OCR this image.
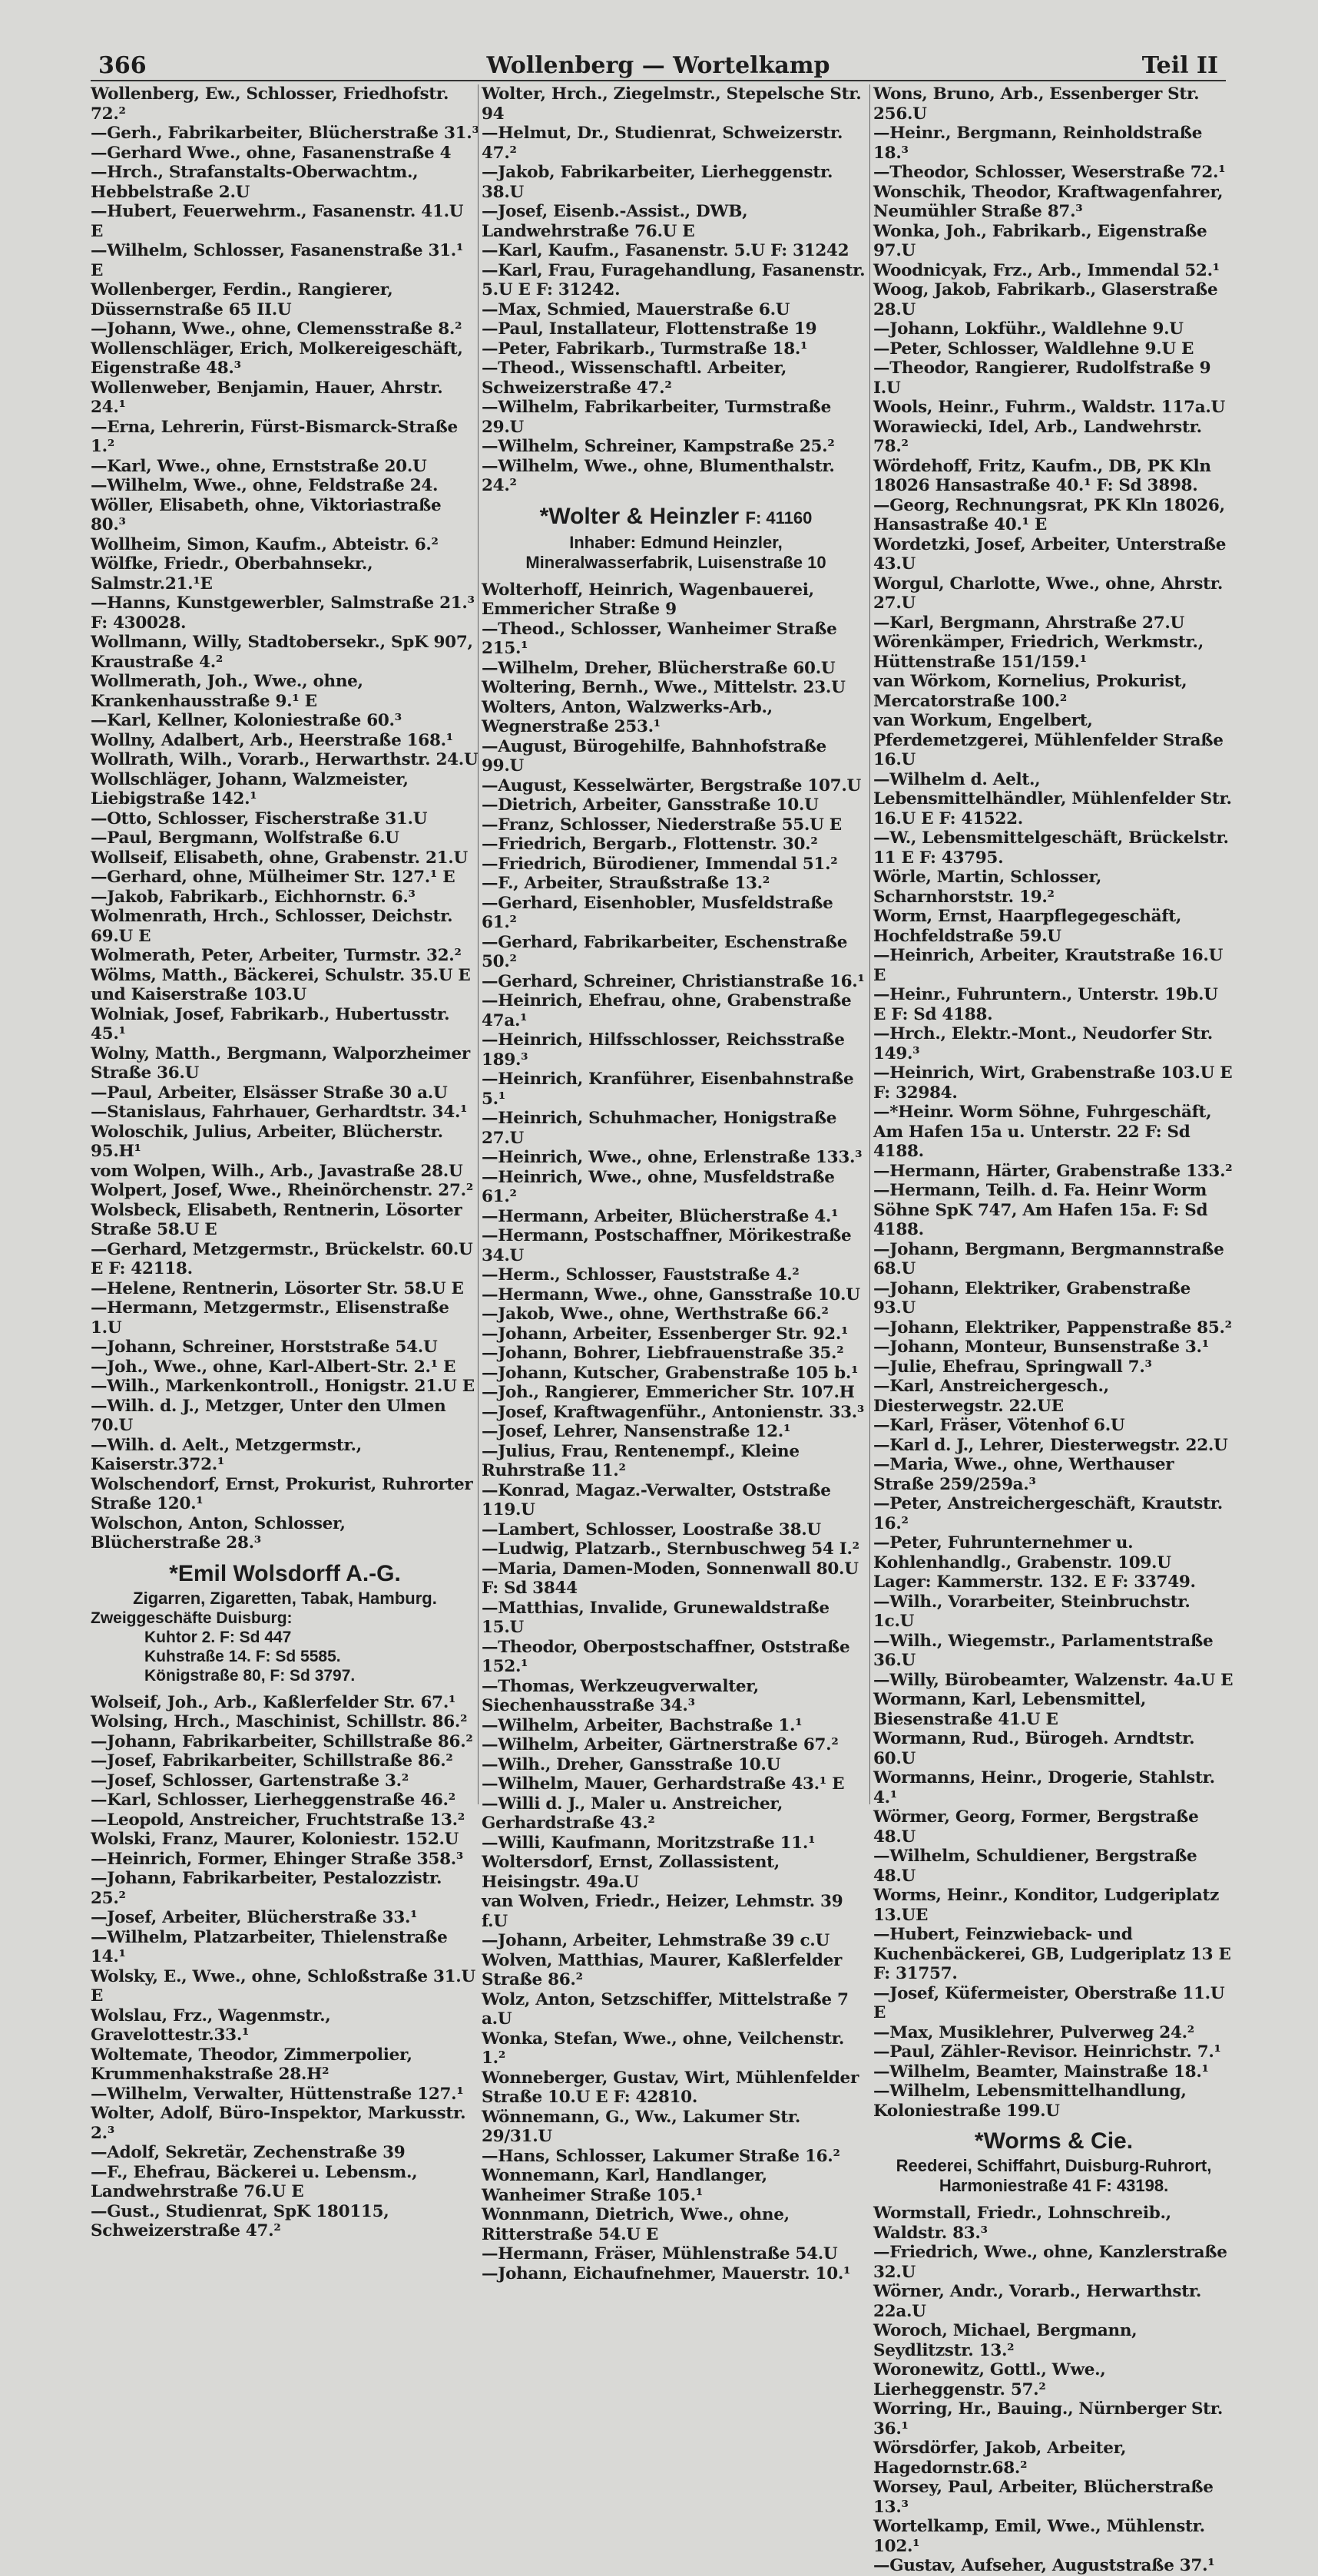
366	Wollenberg — Wortelkamp	Teil II

Wollenberg, Ew., Schlosser, Friedhofstr. 72.²

—Gerh., Fabrikarbeiter, Blücherstraße 31.³

—Gerhard Wwe., ohne, Fasanenstraße 4

—Hrch., Strafanstalts-Oberwachtm., Hebbelstraße 2.U

—Hubert, Feuerwehrm., Fasanenstr. 41.U E

—Wilhelm, Schlosser, Fasanenstraße 31.¹ E

Wollenberger, Ferdin., Rangierer, Düssernstraße 65 II.U

—Johann, Wwe., ohne, Clemensstraße 8.²

Wollenschläger, Erich, Molkereigeschäft, Eigenstraße 48.³

Wollenweber, Benjamin, Hauer, Ahrstr. 24.¹

—Erna, Lehrerin, Fürst-Bismarck-Straße 1.²

—Karl, Wwe., ohne, Ernststraße 20.U

—Wilhelm, Wwe., ohne, Feldstraße 24.

Wöller, Elisabeth, ohne, Viktoriastraße 80.³

Wollheim, Simon, Kaufm., Abteistr. 6.²

Wölfke, Friedr., Oberbahnsekr., Salmstr.21.¹E

—Hanns, Kunstgewerbler, Salmstraße 21.³ F: 430028.

Wollmann, Willy, Stadtobersekr., SpK 907, Kraustraße 4.²

Wollmerath, Joh., Wwe., ohne, Krankenhausstraße 9.¹ E

—Karl, Kellner, Koloniestraße 60.³

Wollny, Adalbert, Arb., Heerstraße 168.¹

Wollrath, Wilh., Vorarb., Herwarthstr. 24.U

Wollschläger, Johann, Walzmeister, Liebigstraße 142.¹

—Otto, Schlosser, Fischerstraße 31.U

—Paul, Bergmann, Wolfstraße 6.U

Wollseif, Elisabeth, ohne, Grabenstr. 21.U

—Gerhard, ohne, Mülheimer Str. 127.¹ E

—Jakob, Fabrikarb., Eichhornstr. 6.³

Wolmenrath, Hrch., Schlosser, Deichstr. 69.U E

Wolmerath, Peter, Arbeiter, Turmstr. 32.²

Wölms, Matth., Bäckerei, Schulstr. 35.U E und Kaiserstraße 103.U

Wolniak, Josef, Fabrikarb., Hubertusstr. 45.¹

Wolny, Matth., Bergmann, Walporzheimer Straße 36.U

—Paul, Arbeiter, Elsässer Straße 30 a.U

—Stanislaus, Fahrhauer, Gerhardtstr. 34.¹

Woloschik, Julius, Arbeiter, Blücherstr. 95.H¹

vom Wolpen, Wilh., Arb., Javastraße 28.U

Wolpert, Josef, Wwe., Rheinörchenstr. 27.²

Wolsbeck, Elisabeth, Rentnerin, Lösorter Straße 58.U E

—Gerhard, Metzgermstr., Brückelstr. 60.U E F: 42118.

—Helene, Rentnerin, Lösorter Str. 58.U E

—Hermann, Metzgermstr., Elisenstraße 1.U

—Johann, Schreiner, Horststraße 54.U

—Joh., Wwe., ohne, Karl-Albert-Str. 2.¹ E

—Wilh., Markenkontroll., Honigstr. 21.U E

—Wilh. d. J., Metzger, Unter den Ulmen 70.U

—Wilh. d. Aelt., Metzgermstr., Kaiserstr.372.¹

Wolschendorf, Ernst, Prokurist, Ruhrorter Straße 120.¹

Wolschon, Anton, Schlosser, Blücherstraße 28.³

*Emil Wolsdorff A.-G.
Zigarren, Zigaretten, Tabak, Hamburg.
Zweiggeschäfte Duisburg:
Kuhtor 2. F: Sd 447
Kuhstraße 14. F: Sd 5585.
Königstraße 80, F: Sd 3797.

Wolseif, Joh., Arb., Kaßlerfelder Str. 67.¹

Wolsing, Hrch., Maschinist, Schillstr. 86.²

—Johann, Fabrikarbeiter, Schillstraße 86.²

—Josef, Fabrikarbeiter, Schillstraße 86.²

—Josef, Schlosser, Gartenstraße 3.²

—Karl, Schlosser, Lierheggenstraße 46.²

—Leopold, Anstreicher, Fruchtstraße 13.²

Wolski, Franz, Maurer, Koloniestr. 152.U

—Heinrich, Former, Ehinger Straße 358.³

—Johann, Fabrikarbeiter, Pestalozzistr. 25.²

—Josef, Arbeiter, Blücherstraße 33.¹

—Wilhelm, Platzarbeiter, Thielenstraße 14.¹

Wolsky, E., Wwe., ohne, Schloßstraße 31.U E

Wolslau, Frz., Wagenmstr., Gravelottestr.33.¹

Woltemate, Theodor, Zimmerpolier, Krummenhakstraße 28.H²

—Wilhelm, Verwalter, Hüttenstraße 127.¹

Wolter, Adolf, Büro-Inspektor, Markusstr. 2.³

—Adolf, Sekretär, Zechenstraße 39

—F., Ehefrau, Bäckerei u. Lebensm., Landwehrstraße 76.U E

—Gust., Studienrat, SpK 180115, Schweizerstraße 47.²

Wolter, Hrch., Ziegelmstr., Stepelsche Str. 94

—Helmut, Dr., Studienrat, Schweizerstr. 47.²

—Jakob, Fabrikarbeiter, Lierheggenstr. 38.U

—Josef, Eisenb.-Assist., DWB, Landwehrstraße 76.U E

—Karl, Kaufm., Fasanenstr. 5.U F: 31242

—Karl, Frau, Furagehandlung, Fasanenstr. 5.U E F: 31242.

—Max, Schmied, Mauerstraße 6.U

—Paul, Installateur, Flottenstraße 19

—Peter, Fabrikarb., Turmstraße 18.¹

—Theod., Wissenschaftl. Arbeiter, Schweizerstraße 47.²

—Wilhelm, Fabrikarbeiter, Turmstraße 29.U

—Wilhelm, Schreiner, Kampstraße 25.²

—Wilhelm, Wwe., ohne, Blumenthalstr. 24.²

*Wolter & Heinzler F: 41160
Inhaber: Edmund Heinzler,
Mineralwasserfabrik, Luisenstraße 10

Wolterhoff, Heinrich, Wagenbauerei, Emmericher Straße 9

—Theod., Schlosser, Wanheimer Straße 215.¹

—Wilhelm, Dreher, Blücherstraße 60.U

Woltering, Bernh., Wwe., Mittelstr. 23.U

Wolters, Anton, Walzwerks-Arb., Wegnerstraße 253.¹

—August, Bürogehilfe, Bahnhofstraße 99.U

—August, Kesselwärter, Bergstraße 107.U

—Dietrich, Arbeiter, Gansstraße 10.U

—Franz, Schlosser, Niederstraße 55.U E

—Friedrich, Bergarb., Flottenstr. 30.²

—Friedrich, Bürodiener, Immendal 51.²

—F., Arbeiter, Straußstraße 13.²

—Gerhard, Eisenhobler, Musfeldstraße 61.²

—Gerhard, Fabrikarbeiter, Eschenstraße 50.²

—Gerhard, Schreiner, Christianstraße 16.¹

—Heinrich, Ehefrau, ohne, Grabenstraße 47a.¹

—Heinrich, Hilfsschlosser, Reichsstraße 189.³

—Heinrich, Kranführer, Eisenbahnstraße 5.¹

—Heinrich, Schuhmacher, Honigstraße 27.U

—Heinrich, Wwe., ohne, Erlenstraße 133.³

—Heinrich, Wwe., ohne, Musfeldstraße 61.²

—Hermann, Arbeiter, Blücherstraße 4.¹

—Hermann, Postschaffner, Mörikestraße 34.U

—Herm., Schlosser, Fauststraße 4.²

—Hermann, Wwe., ohne, Gansstraße 10.U

—Jakob, Wwe., ohne, Werthstraße 66.²

—Johann, Arbeiter, Essenberger Str. 92.¹

—Johann, Bohrer, Liebfrauenstraße 35.²

—Johann, Kutscher, Grabenstraße 105 b.¹

—Joh., Rangierer, Emmericher Str. 107.H

—Josef, Kraftwagenführ., Antonienstr. 33.³

—Josef, Lehrer, Nansenstraße 12.¹

—Julius, Frau, Rentenempf., Kleine Ruhrstraße 11.²

—Konrad, Magaz.-Verwalter, Oststraße 119.U

—Lambert, Schlosser, Loostraße 38.U

—Ludwig, Platzarb., Sternbuschweg 54 I.²

—Maria, Damen-Moden, Sonnenwall 80.U F: Sd 3844

—Matthias, Invalide, Grunewaldstraße 15.U

—Theodor, Oberpostschaffner, Oststraße 152.¹

—Thomas, Werkzeugverwalter, Siechenhausstraße 34.³

—Wilhelm, Arbeiter, Bachstraße 1.¹

—Wilhelm, Arbeiter, Gärtnerstraße 67.²

—Wilh., Dreher, Gansstraße 10.U

—Wilhelm, Mauer, Gerhardstraße 43.¹ E

—Willi d. J., Maler u. Anstreicher, Gerhardstraße 43.²

—Willi, Kaufmann, Moritzstraße 11.¹

Woltersdorf, Ernst, Zollassistent, Heisingstr. 49a.U

van Wolven, Friedr., Heizer, Lehmstr. 39 f.U

—Johann, Arbeiter, Lehmstraße 39 c.U

Wolven, Matthias, Maurer, Kaßlerfelder Straße 86.²

Wolz, Anton, Setzschiffer, Mittelstraße 7 a.U

Wonka, Stefan, Wwe., ohne, Veilchenstr. 1.²

Wonneberger, Gustav, Wirt, Mühlenfelder Straße 10.U E F: 42810.

Wönnemann, G., Ww., Lakumer Str. 29/31.U

—Hans, Schlosser, Lakumer Straße 16.²

Wonnemann, Karl, Handlanger, Wanheimer Straße 105.¹

Wonnmann, Dietrich, Wwe., ohne, Ritterstraße 54.U E

—Hermann, Fräser, Mühlenstraße 54.U

—Johann, Eichaufnehmer, Mauerstr. 10.¹

Wons, Bruno, Arb., Essenberger Str. 256.U

—Heinr., Bergmann, Reinholdstraße 18.³

—Theodor, Schlosser, Weserstraße 72.¹

Wonschik, Theodor, Kraftwagenfahrer, Neumühler Straße 87.³

Wonka, Joh., Fabrikarb., Eigenstraße 97.U

Woodnicyak, Frz., Arb., Immendal 52.¹

Woog, Jakob, Fabrikarb., Glaserstraße 28.U

—Johann, Lokführ., Waldlehne 9.U

—Peter, Schlosser, Waldlehne 9.U E

—Theodor, Rangierer, Rudolfstraße 9 I.U

Wools, Heinr., Fuhrm., Waldstr. 117a.U

Worawiecki, Idel, Arb., Landwehrstr. 78.²

Wördehoff, Fritz, Kaufm., DB, PK Kln 18026 Hansastraße 40.¹ F: Sd 3898.

—Georg, Rechnungsrat, PK Kln 18026, Hansastraße 40.¹ E

Wordetzki, Josef, Arbeiter, Unterstraße 43.U

Worgul, Charlotte, Wwe., ohne, Ahrstr. 27.U

—Karl, Bergmann, Ahrstraße 27.U

Wörenkämper, Friedrich, Werkmstr., Hüttenstraße 151/159.¹

van Wörkom, Kornelius, Prokurist, Mercatorstraße 100.²

van Workum, Engelbert, Pferdemetzgerei, Mühlenfelder Straße 16.U

—Wilhelm d. Aelt., Lebensmittelhändler, Mühlenfelder Str. 16.U E F: 41522.

—W., Lebensmittelgeschäft, Brückelstr. 11 E F: 43795.

Wörle, Martin, Schlosser, Scharnhorststr. 19.²

Worm, Ernst, Haarpflegegeschäft, Hochfeldstraße 59.U

—Heinrich, Arbeiter, Krautstraße 16.U E

—Heinr., Fuhruntern., Unterstr. 19b.U E F: Sd 4188.

—Hrch., Elektr.-Mont., Neudorfer Str. 149.³

—Heinrich, Wirt, Grabenstraße 103.U E F: 32984.

—*Heinr. Worm Söhne, Fuhrgeschäft, Am Hafen 15a u. Unterstr. 22 F: Sd 4188.

—Hermann, Härter, Grabenstraße 133.²

—Hermann, Teilh. d. Fa. Heinr Worm Söhne SpK 747, Am Hafen 15a. F: Sd 4188.

—Johann, Bergmann, Bergmannstraße 68.U

—Johann, Elektriker, Grabenstraße 93.U

—Johann, Elektriker, Pappenstraße 85.²

—Johann, Monteur, Bunsenstraße 3.¹

—Julie, Ehefrau, Springwall 7.³

—Karl, Anstreichergesch., Diesterwegstr. 22.UE

—Karl, Fräser, Vötenhof 6.U

—Karl d. J., Lehrer, Diesterwegstr. 22.U

—Maria, Wwe., ohne, Werthauser Straße 259/259a.³

—Peter, Anstreichergeschäft, Krautstr. 16.²

—Peter, Fuhrunternehmer u. Kohlenhandlg., Grabenstr. 109.U Lager: Kammerstr. 132. E F: 33749.

—Wilh., Vorarbeiter, Steinbruchstr. 1c.U

—Wilh., Wiegemstr., Parlamentstraße 36.U

—Willy, Bürobeamter, Walzenstr. 4a.U E

Wormann, Karl, Lebensmittel, Biesenstraße 41.U E

Wormann, Rud., Bürogeh. Arndtstr. 60.U

Wormanns, Heinr., Drogerie, Stahlstr. 4.¹

Wörmer, Georg, Former, Bergstraße 48.U

—Wilhelm, Schuldiener, Bergstraße 48.U

Worms, Heinr., Konditor, Ludgeriplatz 13.UE

—Hubert, Feinzwieback- und Kuchenbäckerei, GB, Ludgeriplatz 13 E F: 31757.

—Josef, Küfermeister, Oberstraße 11.U E

—Max, Musiklehrer, Pulverweg 24.²

—Paul, Zähler-Revisor. Heinrichstr. 7.¹

—Wilhelm, Beamter, Mainstraße 18.¹

—Wilhelm, Lebensmittelhandlung, Koloniestraße 199.U

*Worms & Cie.
Reederei, Schiffahrt, Duisburg-Ruhrort,
Harmoniestraße 41 F: 43198.

Wormstall, Friedr., Lohnschreib., Waldstr. 83.³

—Friedrich, Wwe., ohne, Kanzlerstraße 32.U

Wörner, Andr., Vorarb., Herwarthstr. 22a.U

Woroch, Michael, Bergmann, Seydlitzstr. 13.²

Woronewitz, Gottl., Wwe., Lierheggenstr. 57.²

Worring, Hr., Bauing., Nürnberger Str. 36.¹

Wörsdörfer, Jakob, Arbeiter, Hagedornstr.68.²

Worsey, Paul, Arbeiter, Blücherstraße 13.³

Wortelkamp, Emil, Wwe., Mühlenstr. 102.¹

—Gustav, Aufseher, Auguststraße 37.¹
